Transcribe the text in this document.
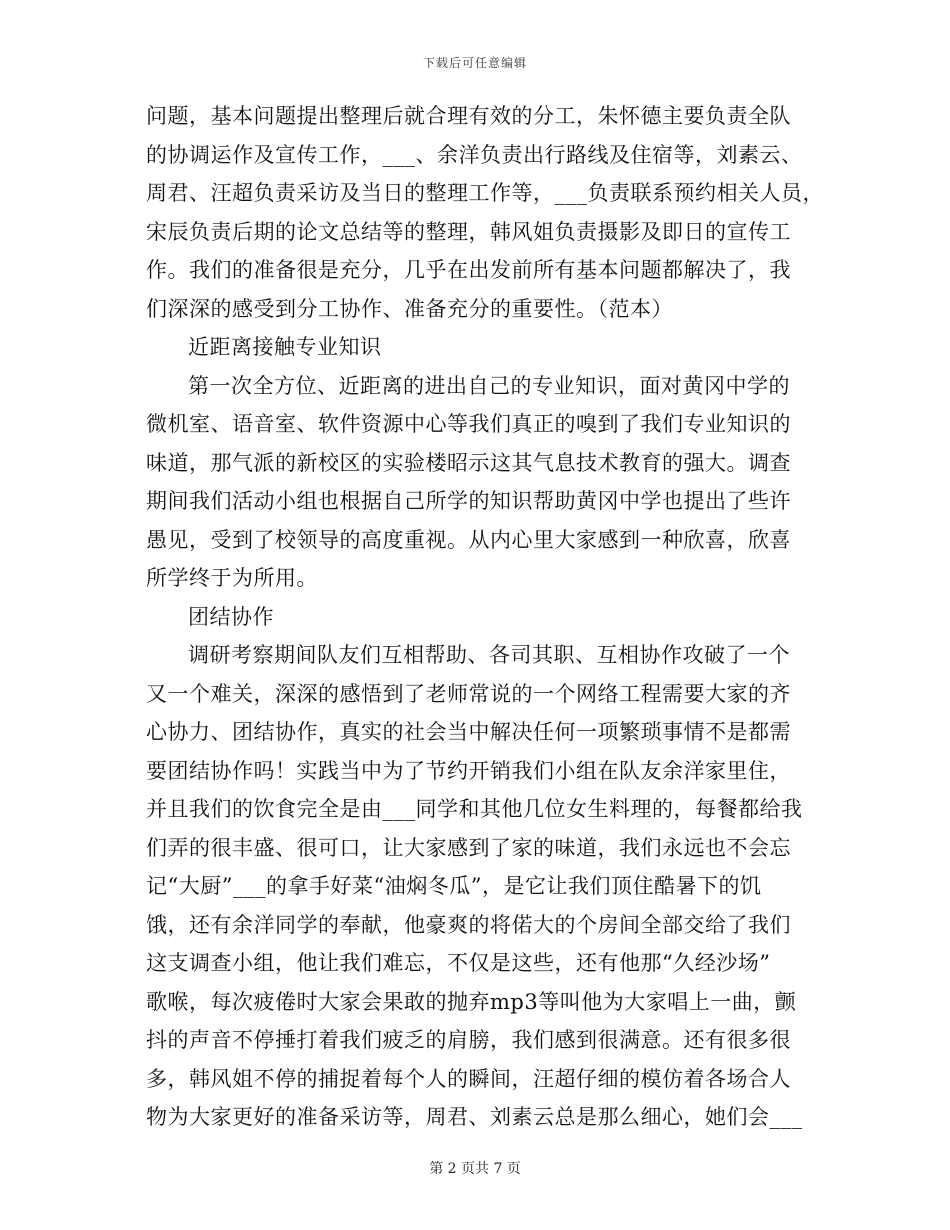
下载后可任意编辑
问题，基本问题提出整理后就合理有效的分工，朱怀德主要负责全队
的协调运作及宣传工作，___、余洋负责出行路线及住宿等，刘素云、
周君、汪超负责采访及当日的整理工作等，___负责联系预约相关人员，
宋辰负责后期的论文总结等的整理，韩风姐负责摄影及即日的宣传工
作。我们的准备很是充分，几乎在出发前所有基本问题都解决了，我
们深深的感受到分工协作、准备充分的重要性。（范本）
近距离接触专业知识
第一次全方位、近距离的进出自己的专业知识，面对黄冈中学的
微机室、语音室、软件资源中心等我们真正的嗅到了我们专业知识的
味道，那气派的新校区的实验楼昭示这其气息技术教育的强大。调查
期间我们活动小组也根据自己所学的知识帮助黄冈中学也提出了些许
愚见，受到了校领导的高度重视。从内心里大家感到一种欣喜，欣喜
所学终于为所用。
团结协作
调研考察期间队友们互相帮助、各司其职、互相协作攻破了一个
又一个难关，深深的感悟到了老师常说的一个网络工程需要大家的齐
心协力、团结协作，真实的社会当中解决任何一项繁琐事情不是都需
要团结协作吗！实践当中为了节约开销我们小组在队友余洋家里住，
并且我们的饮食完全是由___同学和其他几位女生料理的，每餐都给我
们弄的很丰盛、很可口，让大家感到了家的味道，我们永远也不会忘
记“大厨”___的拿手好菜“油焖冬瓜”，是它让我们顶住酷暑下的饥
饿，还有余洋同学的奉献，他豪爽的将偌大的个房间全部交给了我们
这支调查小组，他让我们难忘，不仅是这些，还有他那“久经沙场”
歌喉，每次疲倦时大家会果敢的抛弃mp3等叫他为大家唱上一曲，颤
抖的声音不停捶打着我们疲乏的肩膀，我们感到很满意。还有很多很
多，韩风姐不停的捕捉着每个人的瞬间，汪超仔细的模仿着各场合人
物为大家更好的准备采访等，周君、刘素云总是那么细心，她们会___
第 2 页共 7 页
